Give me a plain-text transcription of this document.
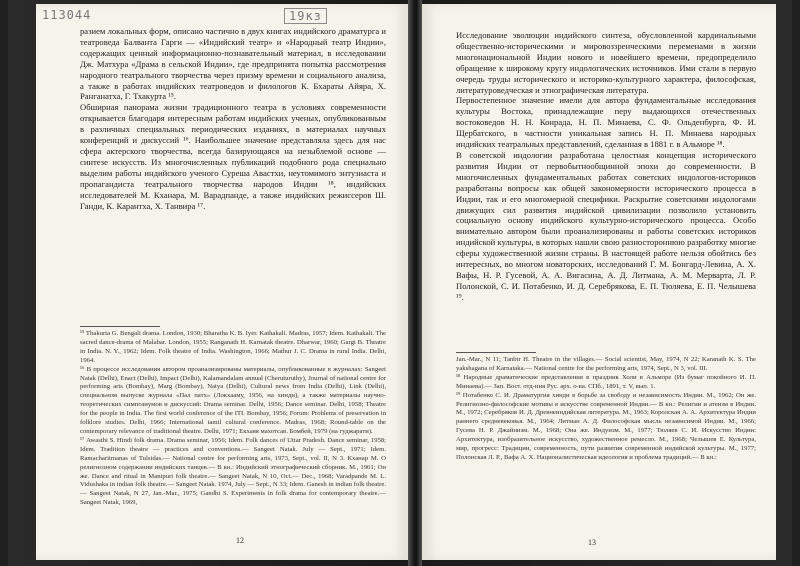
113044	19кз
разием локальных форм, описано частично в двух книгах индийского драматурга и театроведа Балванта Гарги — «Индийский театр» и «Народный театр Индии», содержащих ценный информационно-познавательный материал, в исследовании Дж. Матхура «Драма в сельской Индии», где предпринята попытка рассмотрения народного театрального творчества через призму времени и социального анализа, а также в работах индийских театроведов и филологов К. Бхараты Айяра, Х. Ранганатха, Г. Тхакурта ¹⁵.
Обширная панорама жизни традиционного театра в условиях современности открывается благодаря интересным работам индийских ученых, опубликованным в различных специальных периодических изданиях, в материалах научных конференций и дискуссий ¹⁶. Наибольшее значение представляла здесь для нас сфера актерского творчества, всегда базирующаяся на незыблемой основе — синтезе искусств. Из многочисленных публикаций подобного рода специально выделим работы индийского ученого Суреша Авастхи, неутомимого энтузиаста и пропагандиста театрального творчества народов Индии ¹⁸, индийских исследователей М. Кханара, М. Варадпанде, а также индийских режиссеров Ш. Ганди, К. Карантха, Х. Танвира ¹⁷.
¹⁵ Thakurta G. Bengali drama. London, 1930; Bharatha K. B. Iyer. Kathakali. Madras, 1957; Idem. Kathakali. The sacred dance-drama of Malabar. London, 1955; Ranganath H. Karnatak theatre. Dharwar, 1960; Gargi B. Theatre in India. N. Y., 1962; Idem. Folk theatre of India. Washington, 1966; Mathur J. C. Drama in rural India. Delhi, 1964.
¹⁶ В процессе исследования автором проанализированы материалы, опубликованные в журналах: Sangeet Natak (Delhi), Enact (Delhi), Impact (Delhi), Kalamandalam annual (Cheruturuthy), Journal of national centre for performing arts (Bombay), Marg (Bombay), Natya (Delhi), Cultural news from India (Delhi), Link (Delhi), специальном выпуске журнала «Пал патх» (Локхааму, 1956, на хинди), а также материалы научно-теоретических симпозиумов и дискуссий: Drama seminar. Delhi, 1956; Dance seminar. Delhi, 1958; Theatre for the people in India. The first world conference of the ITI. Bombay, 1956; Forum: Problems of preservation in folklore studies. Delhi, 1966; International tamil cultural conference. Madras, 1968; Round-table on the contemporary relevance of traditional theatre. Delhi, 1971; Екхаяя махотсав. Бомбей, 1979 (на гуджарати).
¹⁷ Awasthi S. Hindi folk drama. Drama seminar, 1956; Idem. Folk dances of Uttar Pradesh. Dance seminar, 1958; Idem. Tradition theatre — practices and conventions.— Sangeet Natak. July — Sept., 1971; Idem. Ramacharitmanas of Tulsidas.— National centre for performing arts, 1973, Sept., vol. II, N 3. Кханар М. О религиозном содержании индийских танцев.— В кн.: Индийский этнографический сборник. М., 1961; Он же. Dance and ritual in Manipuri folk theatre.— Sangeet Natak, N 10, Oct.— Dec., 1968; Varadpande M. L. Vidushaka in indian folk theatre.— Sangeet Natak. 1974, July — Sept., N 33; Idem. Ganesh in indian folk theatre.— Sangeet Natak, N 27, Jan.-Mar., 1975; Gandhi S. Experiments in folk drama for contemporary theatre.— Sangeet Natak, 1969,
12
Исследование эволюции индийского синтеза, обусловленной кардинальными общественно-историческими и мировоззренческими переменами в жизни многонациональной Индии нового и новейшего времени, предопределило обращение к широкому кругу индологических источников. Ими стали в первую очередь труды исторического и историко-культурного характера, философская, литературоведческая и этнографическая литература.
Первостепенное значение имели для автора фундаментальные исследования культуры Востока, принадлежащие перу выдающихся отечественных востоковедов Н. Н. Конрада, Н. П. Минаева, С. Ф. Ольденбурга, Ф. И. Щербатского, в частности уникальная запись Н. П. Минаева народных индийских театральных представлений, сделанная в 1881 г. в Альморе ¹⁸.
В советской индологии разработана целостная концепция исторического развития Индии от первобытнообщинной эпохи до современности. В многочисленных фундаментальных работах советских индологов-историков разработаны вопросы как общей закономерности исторического процесса в Индии, так и его многомерной специфики. Раскрытие советскими индологами движущих сил развития индийской цивилизации позволило установить социальную основу индийского культурно-исторического процесса. Особо внимательно автором были проанализированы и работы советских историков индийской культуры, в которых нашли свою разностороннюю разработку многие сферы художественной жизни страны. В настоящей работе нельзя обойтись без интересных, во многом новаторских, исследований Г. М. Бонгард-Левина, А. Х. Вафы, Н. Р. Гусевой, А. А. Вигасина, А. Д. Литмана, А. М. Мерварта, Л. Р. Полонской, С. И. Потабенко, И. Д. Серебрякова, Е. П. Тюляева, Е. П. Челышева ¹⁹.
Jan.-Mar., N 11; Tanbir H. Theatre in the villages.— Social scientist, May, 1974, N 22; Karanath K. S. The yakshagana of Karnataka.— National centre for the performing arts, 1974, Sept., N 3, vol. III.
¹⁸ Народные драматические представления в праздник Холи в Альморе (Из бумаг покойного И. П. Минаева).— Зап. Вост. отд-ния Рус. арх. о-ва. СПб., 1891, т. V, вып. 1.
¹⁹ Потабенко С. И. Драматургия хинди в борьбе за свободу и независимость Индии. М., 1962; Он же. Религиозно-философские мотивы в искусстве современной Индии.— В кн.: Религии и атеизм в Индии. М., 1972; Серебряков И. Д. Древнеиндийская литература. М., 1963; Королская А. А. Архитектура Индии раннего средневековья. М., 1964; Литман А. Д. Философская мысль независимой Индии. М., 1966; Гусева Н. Р. Джайнизм. М., 1968; Она же. Индуизм. М., 1977; Тюляев С. И. Искусство Индии: Архитектура, изобразительное искусство, художественное ремесло. М., 1968; Челышев Е. Культура, мир, прогресс: Традиции, современность, пути развития современной индийской культуры. М., 1977; Полонская Л. Р., Вафа А. Х. Националистическая идеология и проблема традиций.— В кн.:
13
